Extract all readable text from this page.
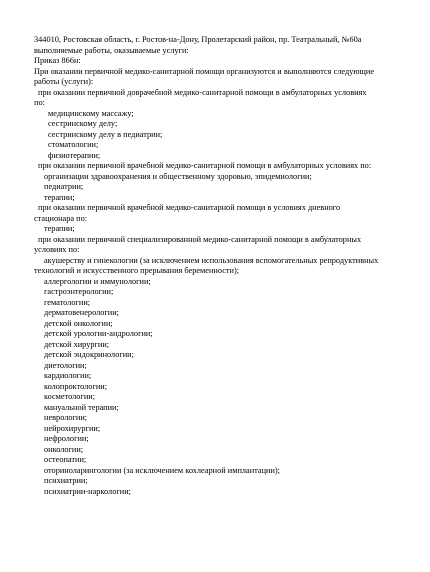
344010, Ростовская область, г. Ростов-на-Дону, Пролетарский район, пр. Театральный, №60а
выполняемые работы, оказываемые услуги:
Приказ 866н:
При оказании первичной медико-санитарной помощи организуются и выполняются следующие
работы (услуги):
при оказании первичной доврачебной медико-санитарной помощи в амбулаторных условиях
по:
медицинскому массажу;
сестринскому делу;
сестринскому делу в педиатрии;
стоматологии;
физиотерапии;
при оказании первичной врачебной медико-санитарной помощи в амбулаторных условиях по:
организации здравоохранения и общественному здоровью, эпидемиологии;
педиатрии;
терапии;
при оказании первичной врачебной медико-санитарной помощи в условиях дневного
стационара по:
терапии;
при оказании первичной специализированной медико-санитарной помощи в амбулаторных
условиях по:
акушерству и гинекологии (за исключением использования вспомогательных репродуктивных
технологий и искусственного прерывания беременности);
аллергологии и иммунологии;
гастроэнтерологии;
гематологии;
дерматовенерологии;
детской онкологии;
детской урологии-андрологии;
детской хирургии;
детской эндокринологии;
диетологии;
кардиологии;
колопроктологии;
косметологии;
мануальной терапии;
неврологии;
нейрохирургии;
нефрологии;
онкологии;
остеопатии;
оториноларингологии (за исключением кохлеарной имплантации);
психиатрии;
психиатрии-наркологии;
